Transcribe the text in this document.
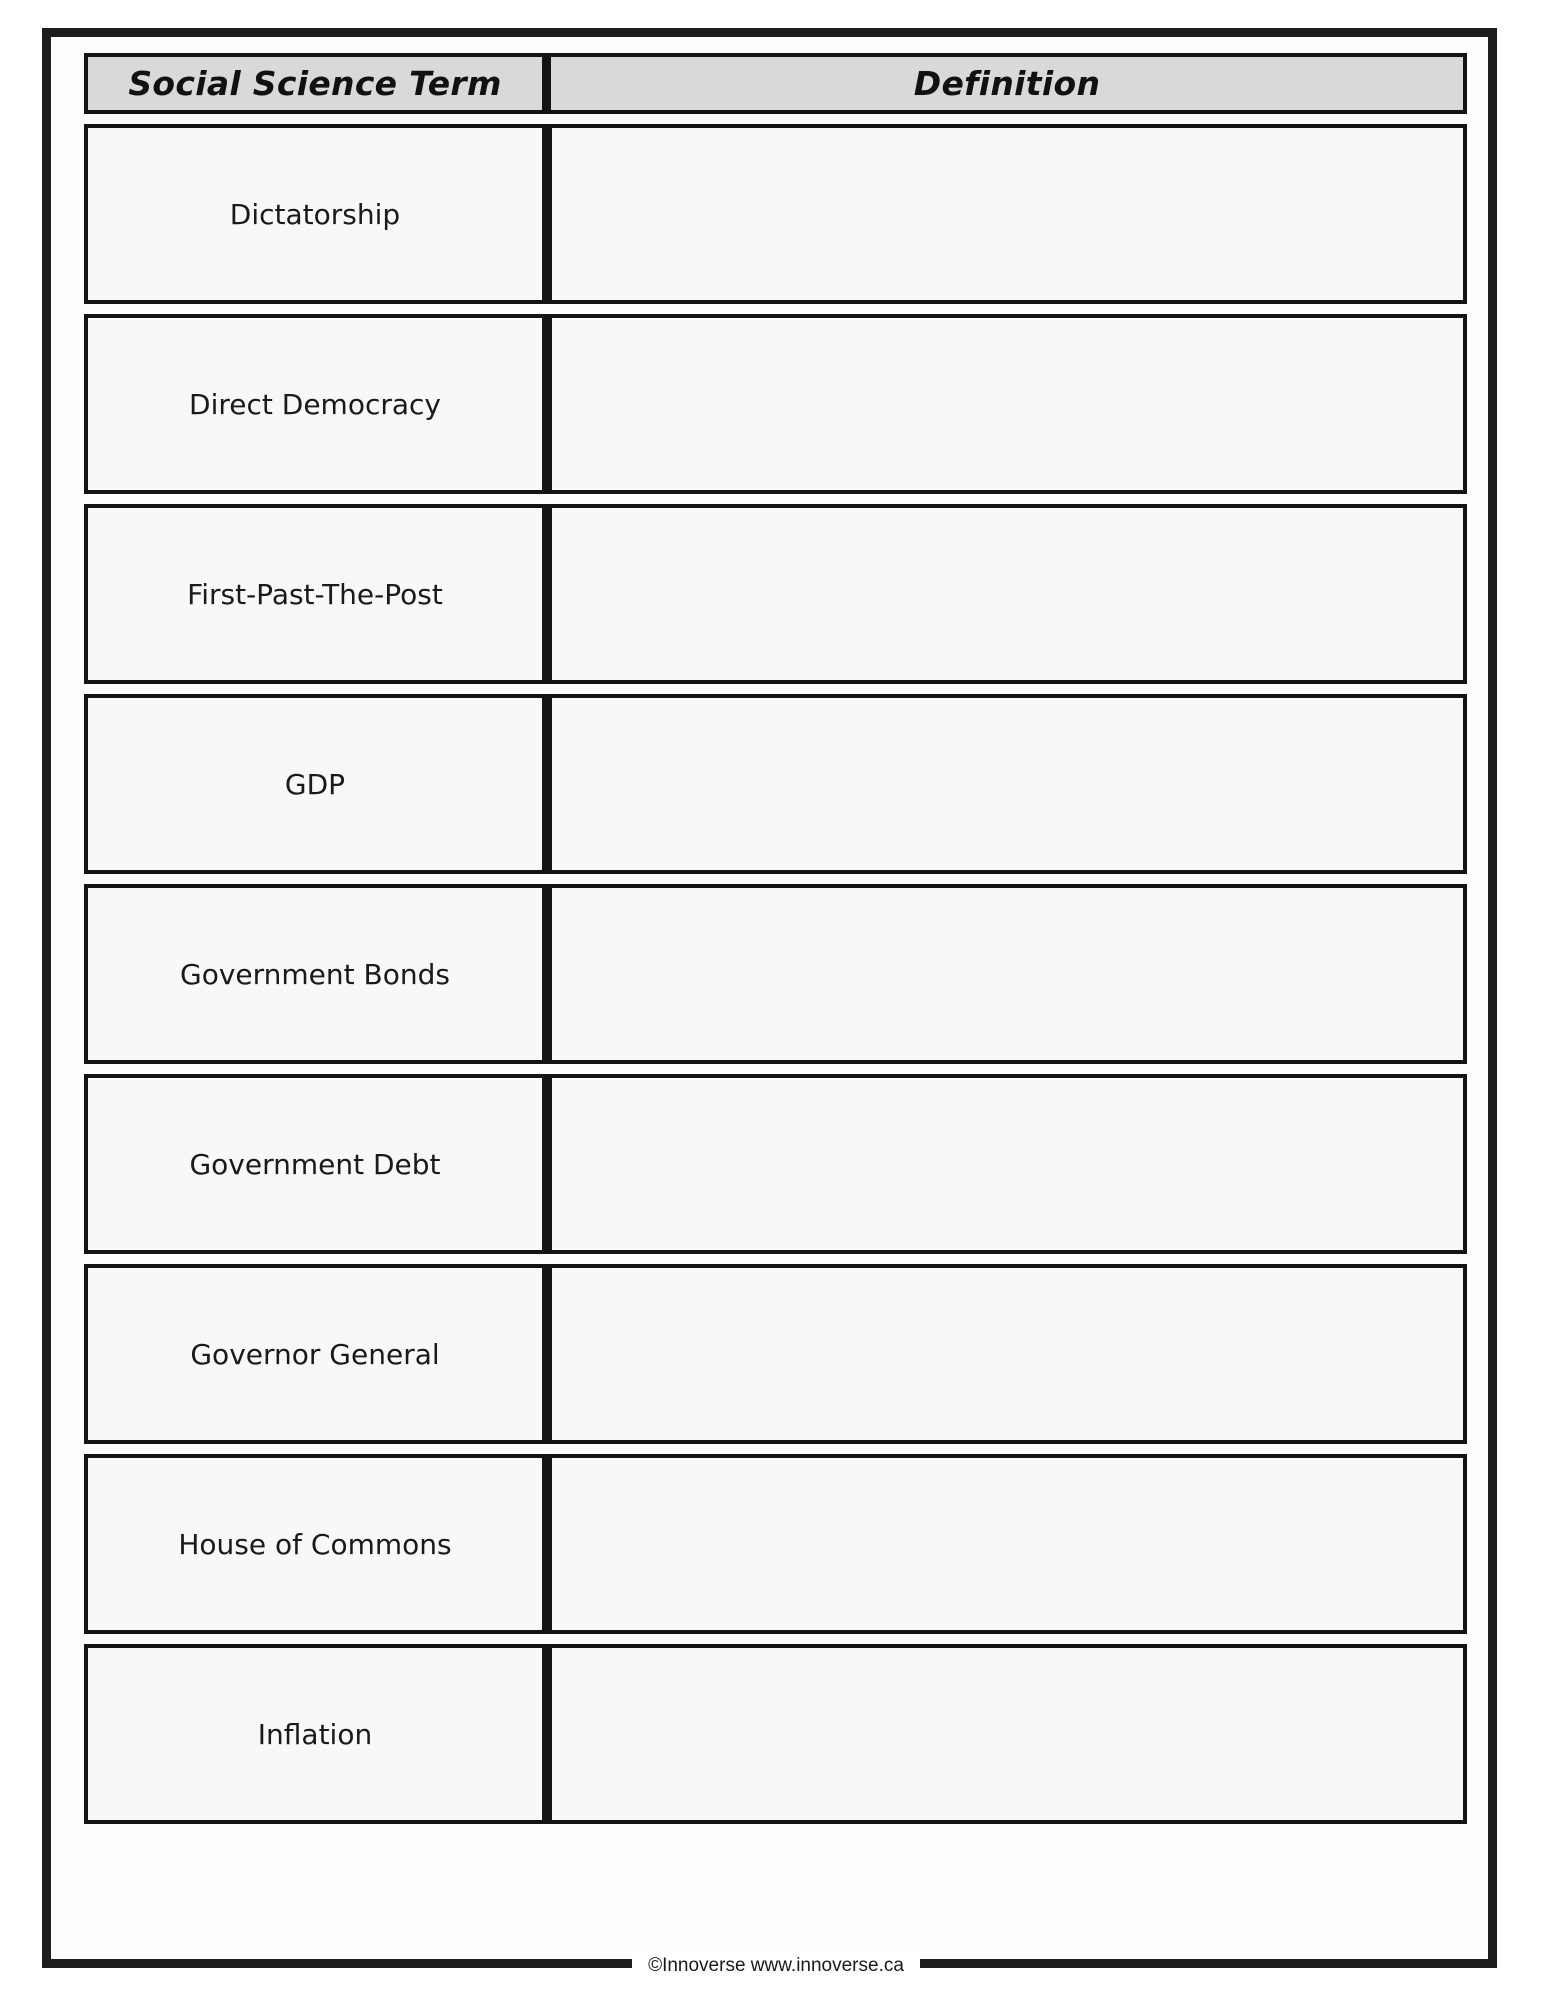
Social Science Term	Definition
Dictatorship
Direct Democracy
First-Past-The-Post
GDP
Government Bonds
Government Debt
Governor General
House of Commons
Inflation
©Innoverse www.innoverse.ca
